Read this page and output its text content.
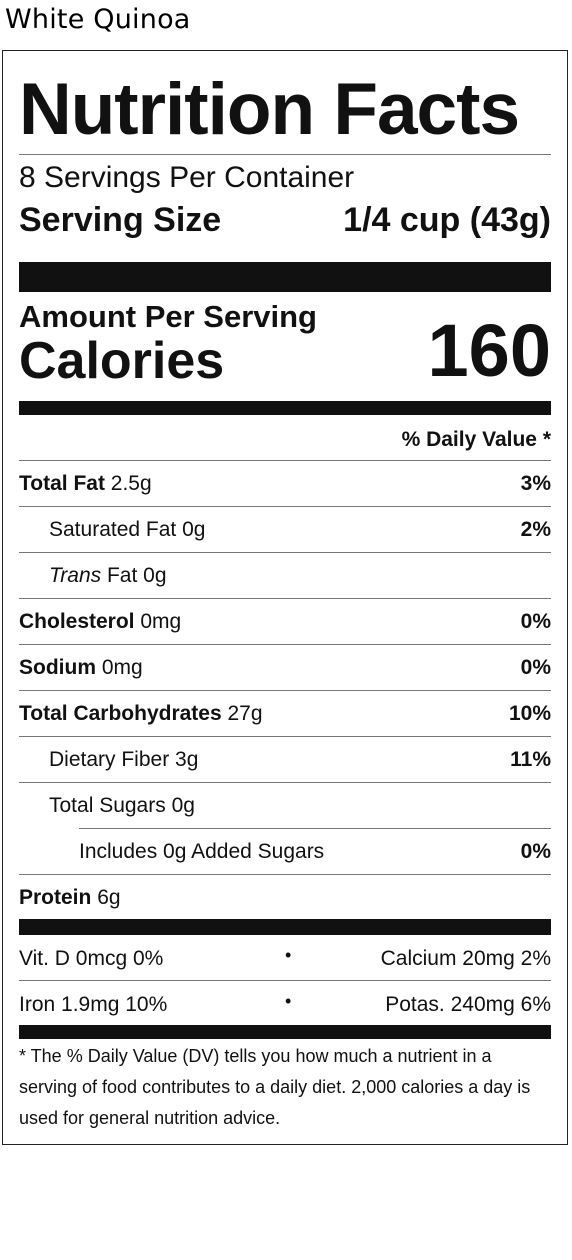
White Quinoa
Nutrition Facts
8 Servings Per Container
Serving Size	1/4 cup (43g)
Amount Per Serving
Calories	160
% Daily Value *
Total Fat 2.5g	3%
Saturated Fat 0g	2%
Trans Fat 0g
Cholesterol 0mg	0%
Sodium 0mg	0%
Total Carbohydrates 27g	10%
Dietary Fiber 3g	11%
Total Sugars 0g
Includes 0g Added Sugars	0%
Protein 6g
Vit. D 0mcg 0%	•	Calcium 20mg 2%
Iron 1.9mg 10%	•	Potas. 240mg 6%
* The % Daily Value (DV) tells you how much a nutrient in a serving of food contributes to a daily diet. 2,000 calories a day is used for general nutrition advice.
